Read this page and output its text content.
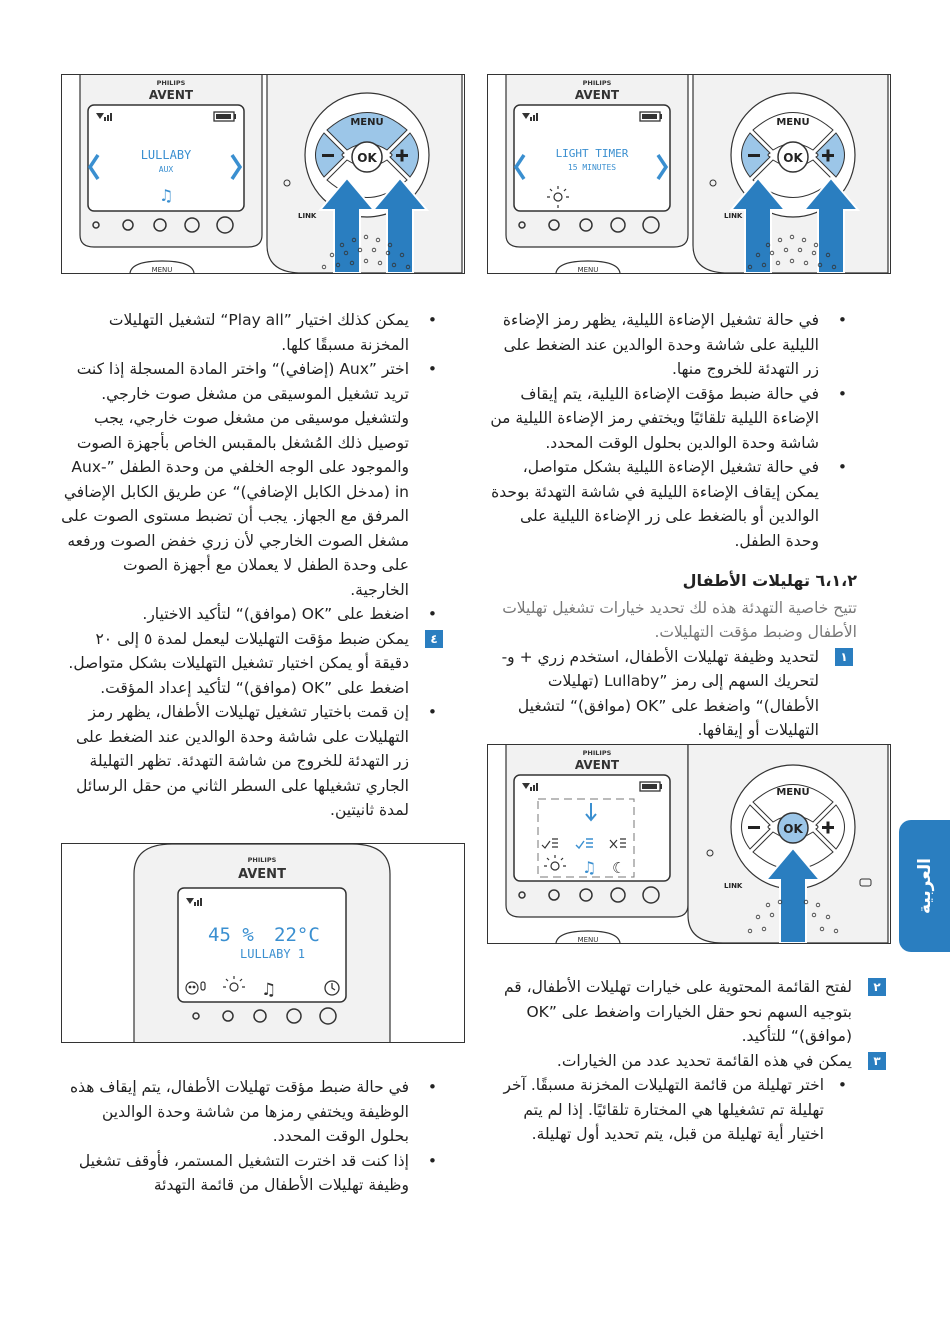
PHILIPS
AVENT
LULLABY
AUX
♫
MENU
MENU
OK
LINK
PHILIPS
AVENT
LIGHT TIMER
15 MINUTES
MENU
MENU
OK
LINK

• في حالة تشغيل الإضاءة الليلية، يظهر رمز الإضاءة الليلية على شاشة وحدة الوالدين عند الضغط على زر التهدئة للخروج منها.

• في حالة ضبط مؤقت الإضاءة الليلية، يتم إيقاف الإضاءة الليلية تلقائيًا ويختفي رمز الإضاءة الليلية من شاشة وحدة الوالدين بحلول الوقت المحدد.

• في حالة تشغيل الإضاءة الليلية بشكل متواصل، يمكن إيقاف الإضاءة الليلية في شاشة التهدئة بوحدة الوالدين أو بالضغط على زر الإضاءة الليلية على وحدة الطفل.

٦،١،٢ تهليلات الأطفال

تتيح خاصية التهدئة هذه لك تحديد خيارات تشغيل تهليلات الأطفال وضبط مؤقت التهليلات.

١
لتحديد وظيفة تهليلات الأطفال، استخدم زري + و- لتحريك السهم إلى رمز ”Lullaby (تهليلات الأطفال)“ واضغط على ”OK (موافق)“ لتشغيل التهليلات أو إيقافها.

PHILIPS
AVENT
♫ ☾
MENU
MENU
OK
LINK

٢
لفتح القائمة المحتوية على خيارات تهليلات الأطفال، قم بتوجيه السهم نحو حقل الخيارات واضغط على ”OK (موافق)“ للتأكيد.

٣
يمكن في هذه القائمة تحديد عدد من الخيارات.

• اختر تهليلة من قائمة التهليلات المخزنة مسبقًا. آخر تهليلة تم تشغيلها هي المختارة تلقائيًا. إذا لم يتم اختيار أية تهليلة من قبل، يتم تحديد أول تهليلة.

• يمكن كذلك اختيار ”Play all“ لتشغيل التهليلات المخزنة مسبقًا كلها.

• اختر ”Aux (إضافي)“ واختر المادة المسجلة إذا كنت تريد تشغيل الموسيقى من مشغل صوت خارجي. ولتشغيل موسيقى من مشغل صوت خارجي، يجب توصيل ذلك المُشغل بالمقبس الخاص بأجهزة الصوت والموجود على الوجه الخلفي من وحدة الطفل ”Aux-in (مدخل الكابل الإضافي)“ عن طريق الكابل الإضافي المرفق مع الجهاز. يجب أن تضبط مستوى الصوت على مشغل الصوت الخارجي لأن زري خفض الصوت ورفعه على وحدة الطفل لا يعملان مع أجهزة الصوت الخارجية.

• اضغط على ”OK (موافق)“ لتأكيد الاختيار.

٤
يمكن ضبط مؤقت التهليلات ليعمل لمدة ٥ إلى ٢٠ دقيقة أو يمكن اختيار تشغيل التهليلات بشكل متواصل. اضغط على ”OK (موافق)“ لتأكيد إعداد المؤقت.

• إن قمت باختيار تشغيل تهليلات الأطفال، يظهر رمز التهليلات على شاشة وحدة الوالدين عند الضغط على زر التهدئة للخروج من شاشة التهدئة. تظهر التهليلة الجاري تشغيلها على السطر الثاني من حقل الرسائل لمدة ثانيتين.

PHILIPS
AVENT
45 % 22°C
LULLABY 1
♫

• في حالة ضبط مؤقت تهليلات الأطفال، يتم إيقاف هذه الوظيفة ويختفي رمزها من شاشة وحدة الوالدين بحلول الوقت المحدد.

• إذا كنت قد اخترت التشغيل المستمر، فأوقف تشغيل وظيفة تهليلات الأطفال من قائمة التهدئة

العربية
